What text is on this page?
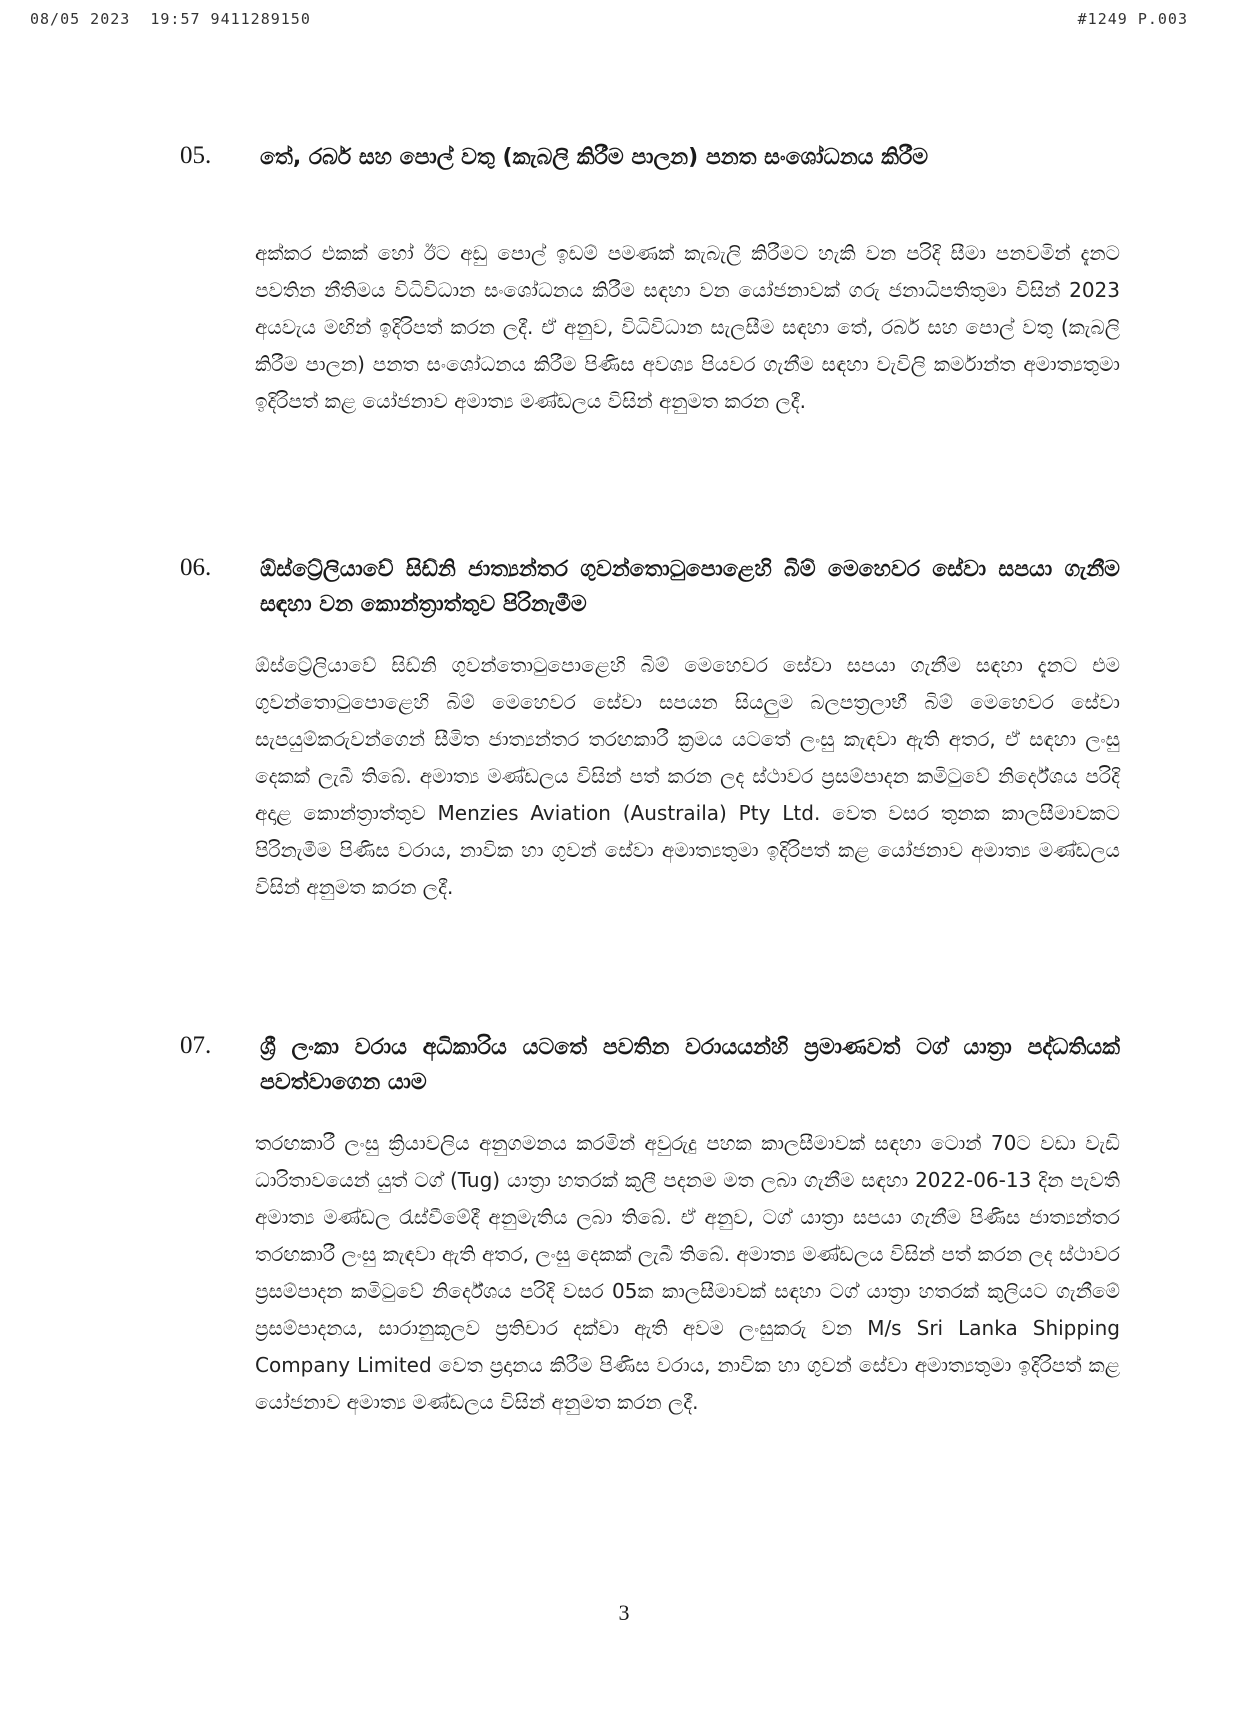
08/05 2023  19:57 9411289150	#1249 P.003
05. තේ, රබර් සහ පොල් වතු (කැබලි කිරීම පාලන) පනත සංශෝධනය කිරීම
අක්කර එකක් හෝ ඊට අඩු පොල් ඉඩම් පමණක් කැබැලි කිරීමට හැකි වන පරිදි සීමා පනවමින් දැනට පවතින නීතිමය විධිවිධාන සංශෝධනය කිරීම සඳහා වන යෝජනාවක් ගරු ජනාධිපතිතුමා විසින් 2023 අයවැය මඟින් ඉදිරිපත් කරන ලදී. ඒ අනුව, විධිවිධාන සැලසීම සඳහා තේ, රබර් සහ පොල් වතු (කැබලි කිරීම පාලන) පනත සංශෝධනය කිරීම පිණිස අවශ්‍ය පියවර ගැනීම සඳහා වැවිලි කර්මාන්ත අමාත්‍යතුමා ඉදිරිපත් කළ යෝජනාව අමාත්‍ය මණ්ඩලය විසින් අනුමත කරන ලදී.
06. ඕස්ට්‍රේලියාවේ සිඩ්නි ජාත්‍යන්තර ගුවන්තොටුපොළෙහි බිම් මෙහෙවර සේවා සපයා ගැනීම සඳහා වන කොන්ත්‍රාත්තුව පිරිනැමීම
ඕස්ට්‍රේලියාවේ සිඩ්නි ගුවන්තොටුපොළෙහි බිම් මෙහෙවර සේවා සපයා ගැනීම සඳහා දැනට එම ගුවන්තොටුපොළෙහි බිම් මෙහෙවර සේවා සපයන සියලුම බලපත්‍රලාභී බිම් මෙහෙවර සේවා සැපයුම්කරුවන්ගෙන් සීමිත ජාත්‍යන්තර තරඟකාරී ක්‍රමය යටතේ ලංසු කැඳවා ඇති අතර, ඒ සඳහා ලංසු දෙකක් ලැබී තිබේ. අමාත්‍ය මණ්ඩලය විසින් පත් කරන ලද ස්ථාවර ප්‍රසම්පාදන කමිටුවේ නිර්දේශය පරිදි අදාළ කොන්ත්‍රාත්තුව Menzies Aviation (Austraila) Pty Ltd. වෙත වසර තුනක කාලසීමාවකට පිරිනැමීම පිණිස වරාය, නාවික හා ගුවන් සේවා අමාත්‍යතුමා ඉදිරිපත් කළ යෝජනාව අමාත්‍ය මණ්ඩලය විසින් අනුමත කරන ලදී.
07. ශ්‍රී ලංකා වරාය අධිකාරිය යටතේ පවතින වරායයන්හි ප්‍රමාණවත් ටග් යාත්‍රා පද්ධතියක් පවත්වාගෙන යාම
තරඟකාරී ලංසු ක්‍රියාවලිය අනුගමනය කරමින් අවුරුදු පහක කාලසීමාවක් සඳහා ටොන් 70ට වඩා වැඩි ධාරිතාවයෙන් යුත් ටග් (Tug) යාත්‍රා හතරක් කුලී පදනම මත ලබා ගැනීම සඳහා 2022-06-13 දින පැවති අමාත්‍ය මණ්ඩල රැස්වීමේදී අනුමැතිය ලබා තිබේ. ඒ අනුව, ටග් යාත්‍රා සපයා ගැනීම පිණිස ජාත්‍යන්තර තරඟකාරී ලංසු කැඳවා ඇති අතර, ලංසු දෙකක් ලැබී තිබේ. අමාත්‍ය මණ්ඩලය විසින් පත් කරන ලද ස්ථාවර ප්‍රසම්පාදන කමිටුවේ නිර්දේශය පරිදි වසර 05ක කාලසීමාවක් සඳහා ටග් යාත්‍රා හතරක් කුලියට ගැනීමේ ප්‍රසම්පාදනය, සාරානුකූලව ප්‍රතිචාර දක්වා ඇති අවම ලංසුකරු වන M/s Sri Lanka Shipping Company Limited වෙත ප්‍රදානය කිරීම පිණිස වරාය, නාවික හා ගුවන් සේවා අමාත්‍යතුමා ඉදිරිපත් කළ යෝජනාව අමාත්‍ය මණ්ඩලය විසින් අනුමත කරන ලදී.
3
